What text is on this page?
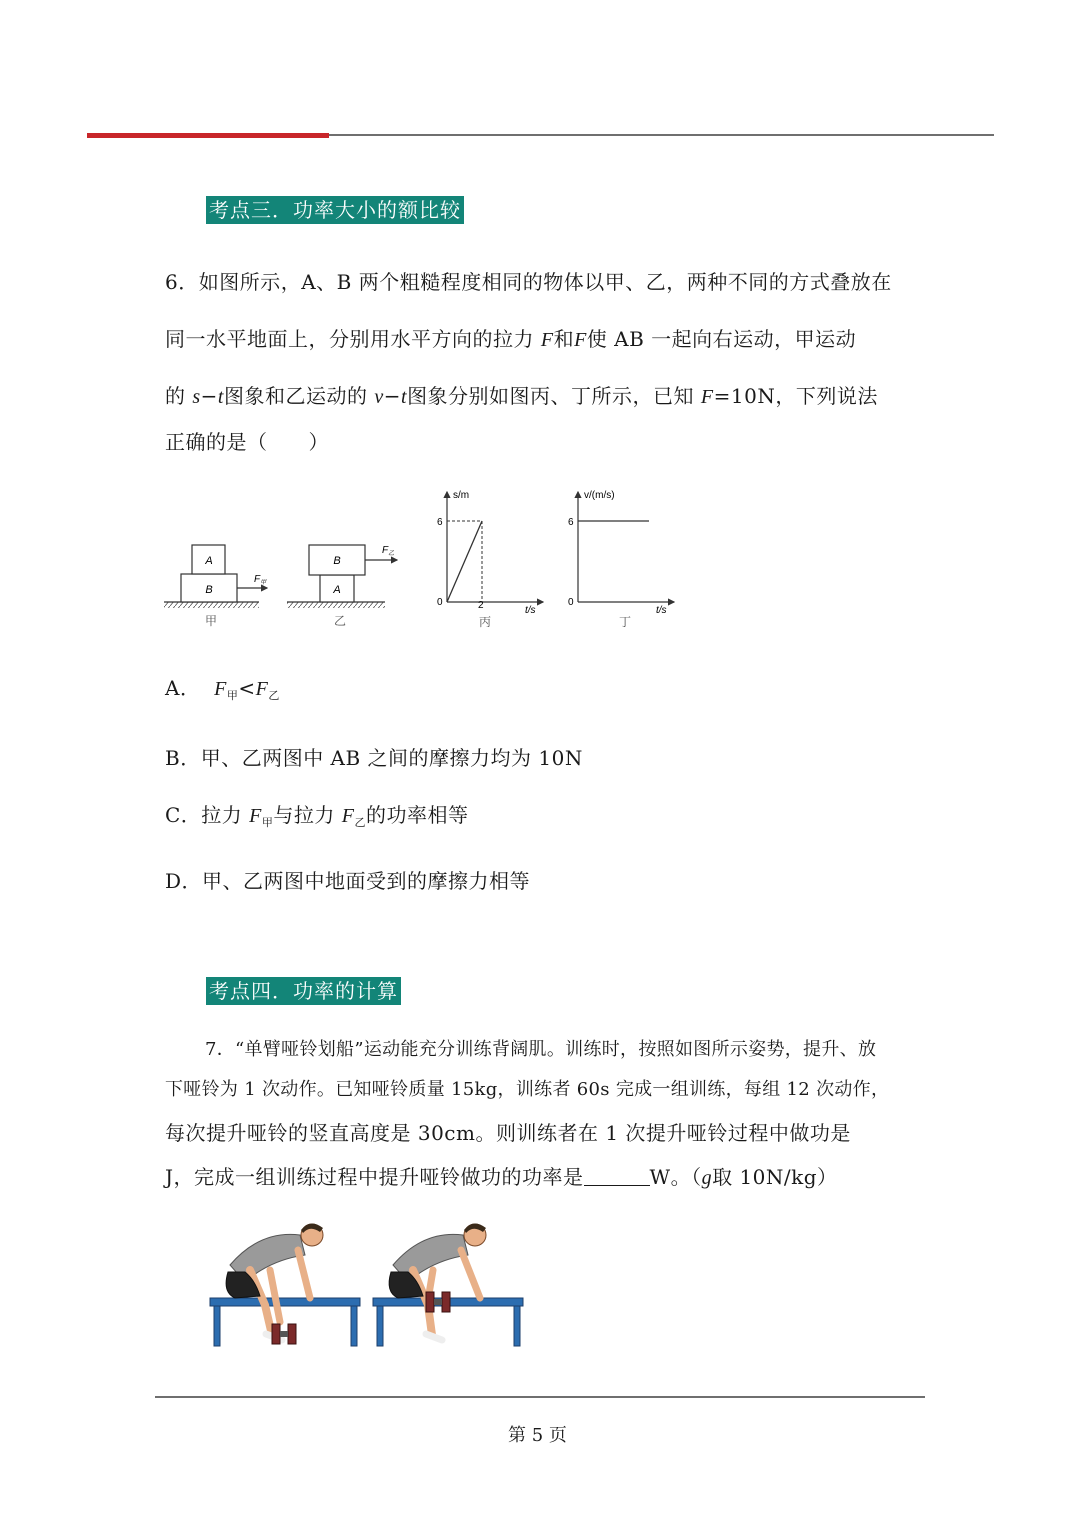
考点三．功率大小的额比较
6．如图所示，A、B 两个粗糙程度相同的物体以甲、乙，两种不同的方式叠放在
同一水平地面上，分别用水平方向的拉力 F和F使 AB 一起向右运动，甲运动
的 s−t图象和乙运动的 v−t图象分别如图丙、丁所示，已知 F=10N，下列说法
正确的是（　　）
A
B
$F_甲$
甲
B
A
$F_乙$
乙
s/m
t/s
6
2
0
丙
v/(m/s)
t/s
6
0
丁
A． $F_甲<F_乙$
B．甲、乙两图中 AB 之间的摩擦力均为 10N
C．拉力 $F_甲$与拉力 $F_乙$的功率相等
D．甲、乙两图中地面受到的摩擦力相等
考点四．功率的计算
7．“单臂哑铃划船”运动能充分训练背阔肌。训练时，按照如图所示姿势，提升、放
下哑铃为 1 次动作。已知哑铃质量 15kg，训练者 60s 完成一组训练，每组 12 次动作，
每次提升哑铃的竖直高度是 30cm。则训练者在 1 次提升哑铃过程中做功是
J，完成一组训练过程中提升哑铃做功的功率是	W。（g取 10N/kg）
第 5 页
